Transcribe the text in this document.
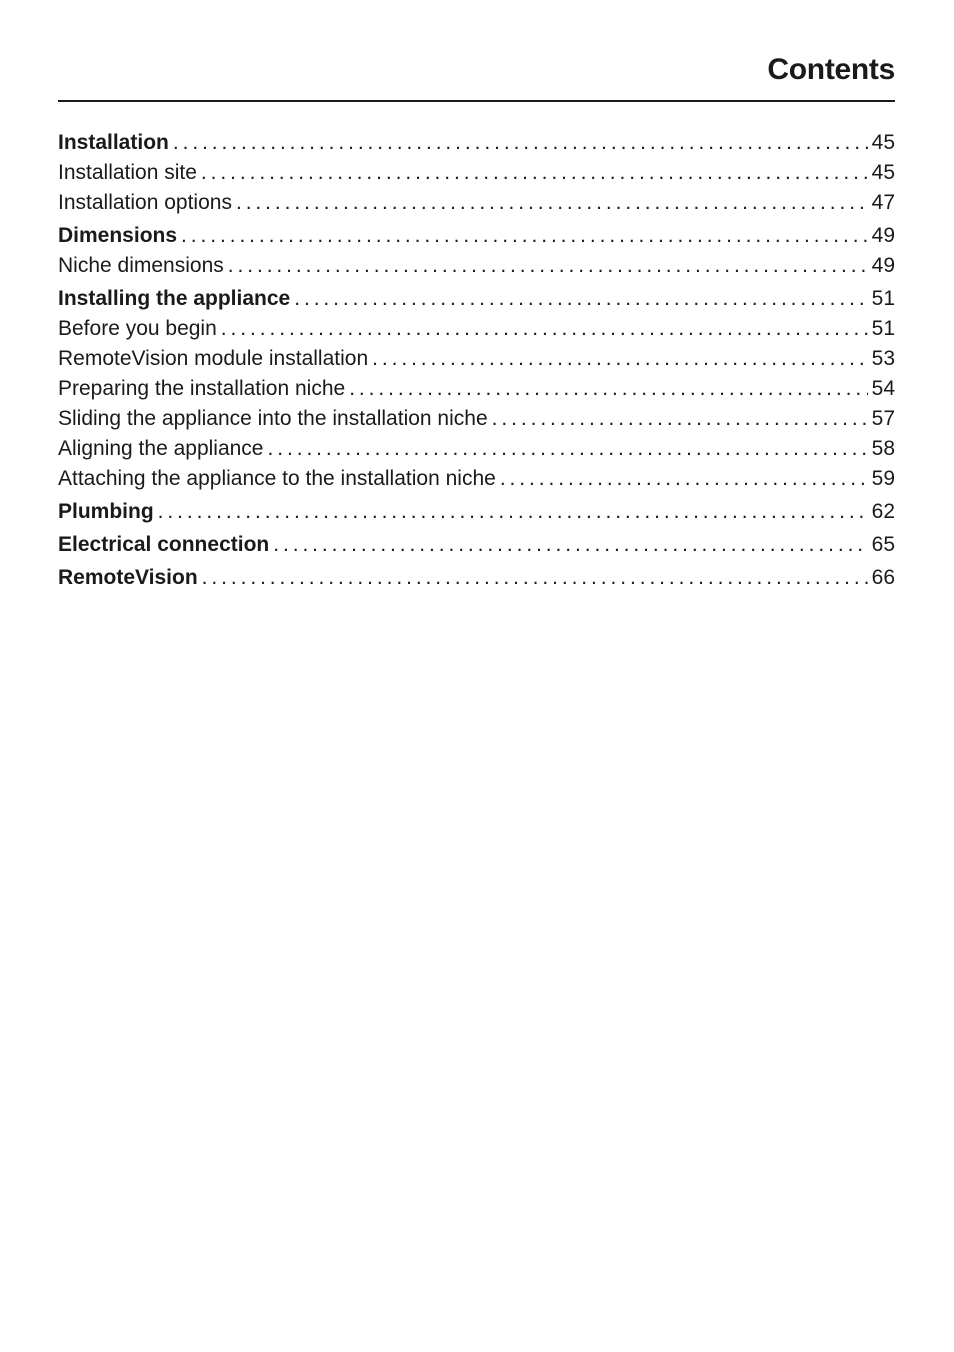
Contents
Installation .....	45
Installation site .....	45
Installation options .....	47
Dimensions .....	49
Niche dimensions .....	49
Installing the appliance .....	51
Before you begin .....	51
RemoteVision module installation .....	53
Preparing the installation niche .....	54
Sliding the appliance into the installation niche .....	57
Aligning the appliance .....	58
Attaching the appliance to the installation niche .....	59
Plumbing .....	62
Electrical connection .....	65
RemoteVision .....	66
